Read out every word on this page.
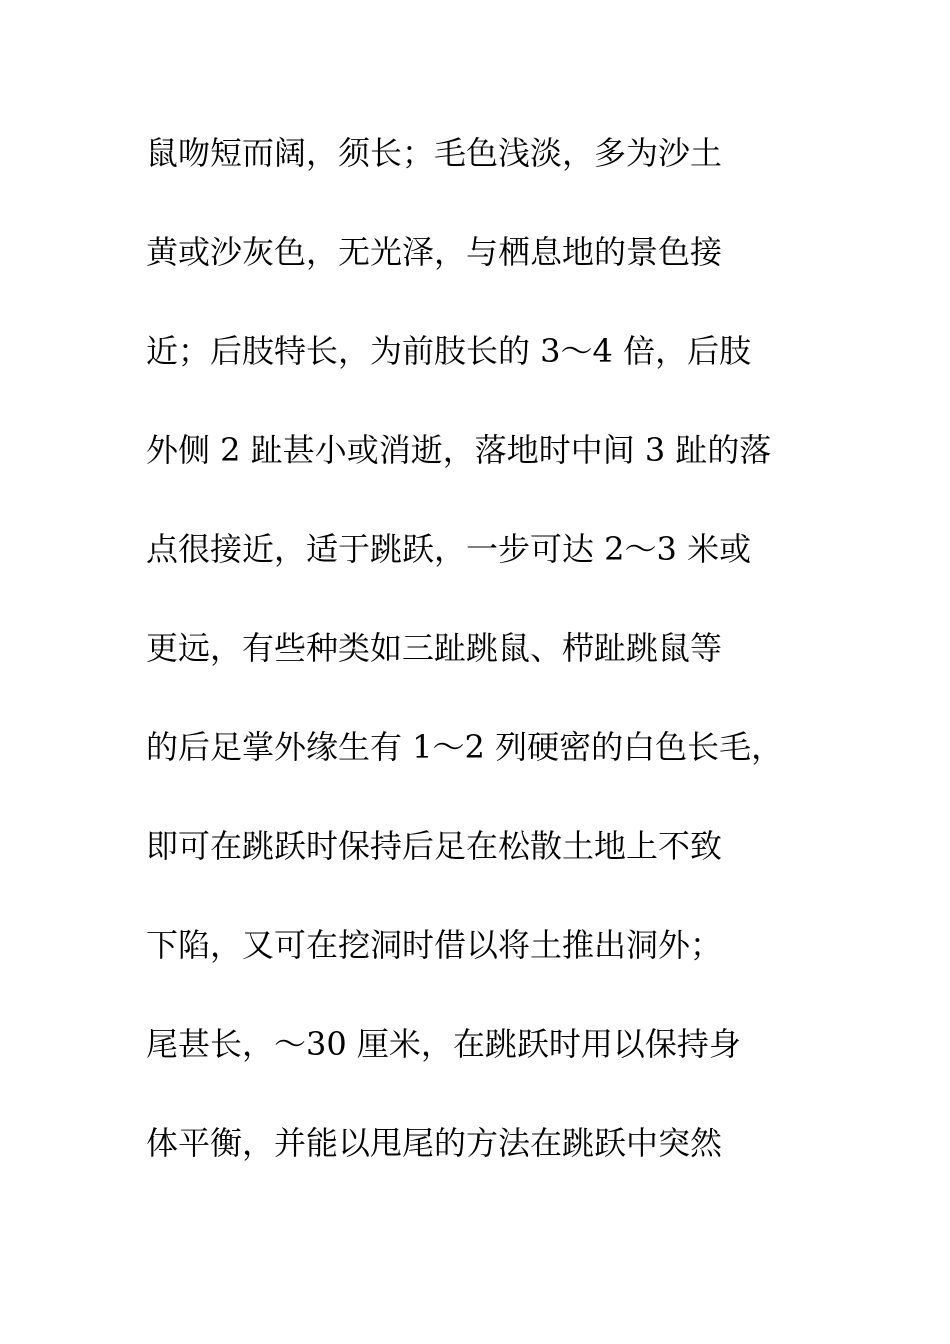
鼠吻短而阔，须长；毛色浅淡，多为沙土
黄或沙灰色，无光泽，与栖息地的景色接
近；后肢特长，为前肢长的 3～4 倍，后肢
外侧 2 趾甚小或消逝，落地时中间 3 趾的落
点很接近，适于跳跃，一步可达 2～3 米或
更远，有些种类如三趾跳鼠、栉趾跳鼠等
的后足掌外缘生有 1～2 列硬密的白色长毛，
即可在跳跃时保持后足在松散土地上不致
下陷，又可在挖洞时借以将土推出洞外；
尾甚长，～30 厘米，在跳跃时用以保持身
体平衡，并能以甩尾的方法在跳跃中突然
